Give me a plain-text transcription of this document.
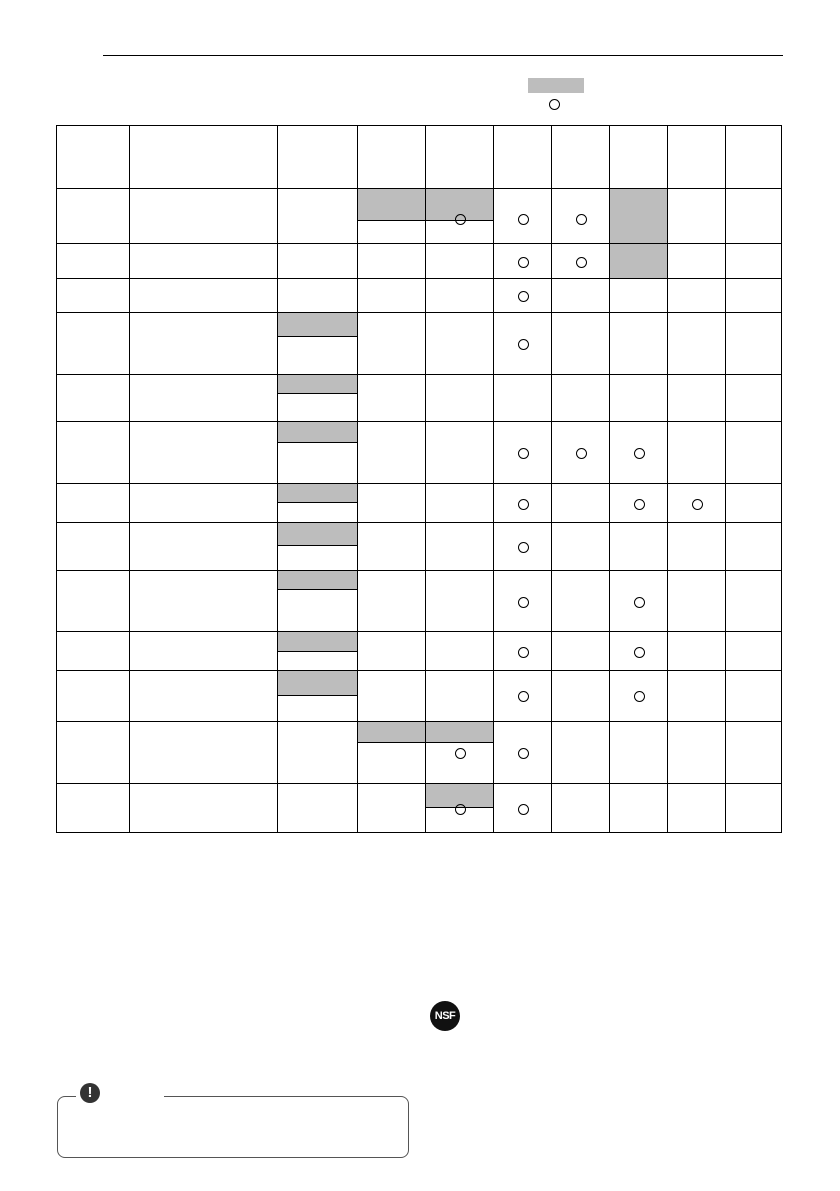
NSF
!
